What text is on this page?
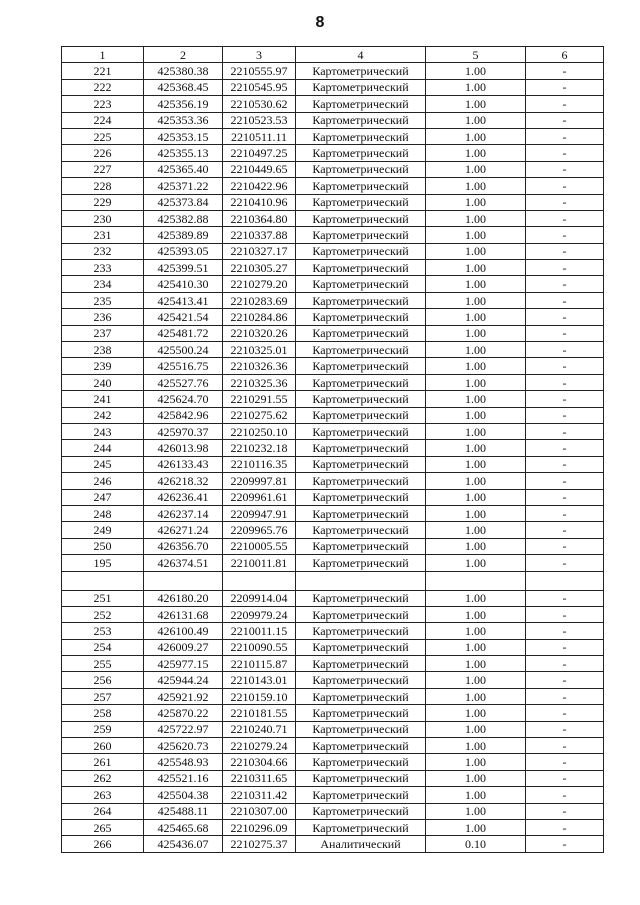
8
1	2	3	4	5	6
221	425380.38	2210555.97	Картометрический	1.00	-
222	425368.45	2210545.95	Картометрический	1.00	-
223	425356.19	2210530.62	Картометрический	1.00	-
224	425353.36	2210523.53	Картометрический	1.00	-
225	425353.15	2210511.11	Картометрический	1.00	-
226	425355.13	2210497.25	Картометрический	1.00	-
227	425365.40	2210449.65	Картометрический	1.00	-
228	425371.22	2210422.96	Картометрический	1.00	-
229	425373.84	2210410.96	Картометрический	1.00	-
230	425382.88	2210364.80	Картометрический	1.00	-
231	425389.89	2210337.88	Картометрический	1.00	-
232	425393.05	2210327.17	Картометрический	1.00	-
233	425399.51	2210305.27	Картометрический	1.00	-
234	425410.30	2210279.20	Картометрический	1.00	-
235	425413.41	2210283.69	Картометрический	1.00	-
236	425421.54	2210284.86	Картометрический	1.00	-
237	425481.72	2210320.26	Картометрический	1.00	-
238	425500.24	2210325.01	Картометрический	1.00	-
239	425516.75	2210326.36	Картометрический	1.00	-
240	425527.76	2210325.36	Картометрический	1.00	-
241	425624.70	2210291.55	Картометрический	1.00	-
242	425842.96	2210275.62	Картометрический	1.00	-
243	425970.37	2210250.10	Картометрический	1.00	-
244	426013.98	2210232.18	Картометрический	1.00	-
245	426133.43	2210116.35	Картометрический	1.00	-
246	426218.32	2209997.81	Картометрический	1.00	-
247	426236.41	2209961.61	Картометрический	1.00	-
248	426237.14	2209947.91	Картометрический	1.00	-
249	426271.24	2209965.76	Картометрический	1.00	-
250	426356.70	2210005.55	Картометрический	1.00	-
195	426374.51	2210011.81	Картометрический	1.00	-

251	426180.20	2209914.04	Картометрический	1.00	-
252	426131.68	2209979.24	Картометрический	1.00	-
253	426100.49	2210011.15	Картометрический	1.00	-
254	426009.27	2210090.55	Картометрический	1.00	-
255	425977.15	2210115.87	Картометрический	1.00	-
256	425944.24	2210143.01	Картометрический	1.00	-
257	425921.92	2210159.10	Картометрический	1.00	-
258	425870.22	2210181.55	Картометрический	1.00	-
259	425722.97	2210240.71	Картометрический	1.00	-
260	425620.73	2210279.24	Картометрический	1.00	-
261	425548.93	2210304.66	Картометрический	1.00	-
262	425521.16	2210311.65	Картометрический	1.00	-
263	425504.38	2210311.42	Картометрический	1.00	-
264	425488.11	2210307.00	Картометрический	1.00	-
265	425465.68	2210296.09	Картометрический	1.00	-
266	425436.07	2210275.37	Аналитический	0.10	-
